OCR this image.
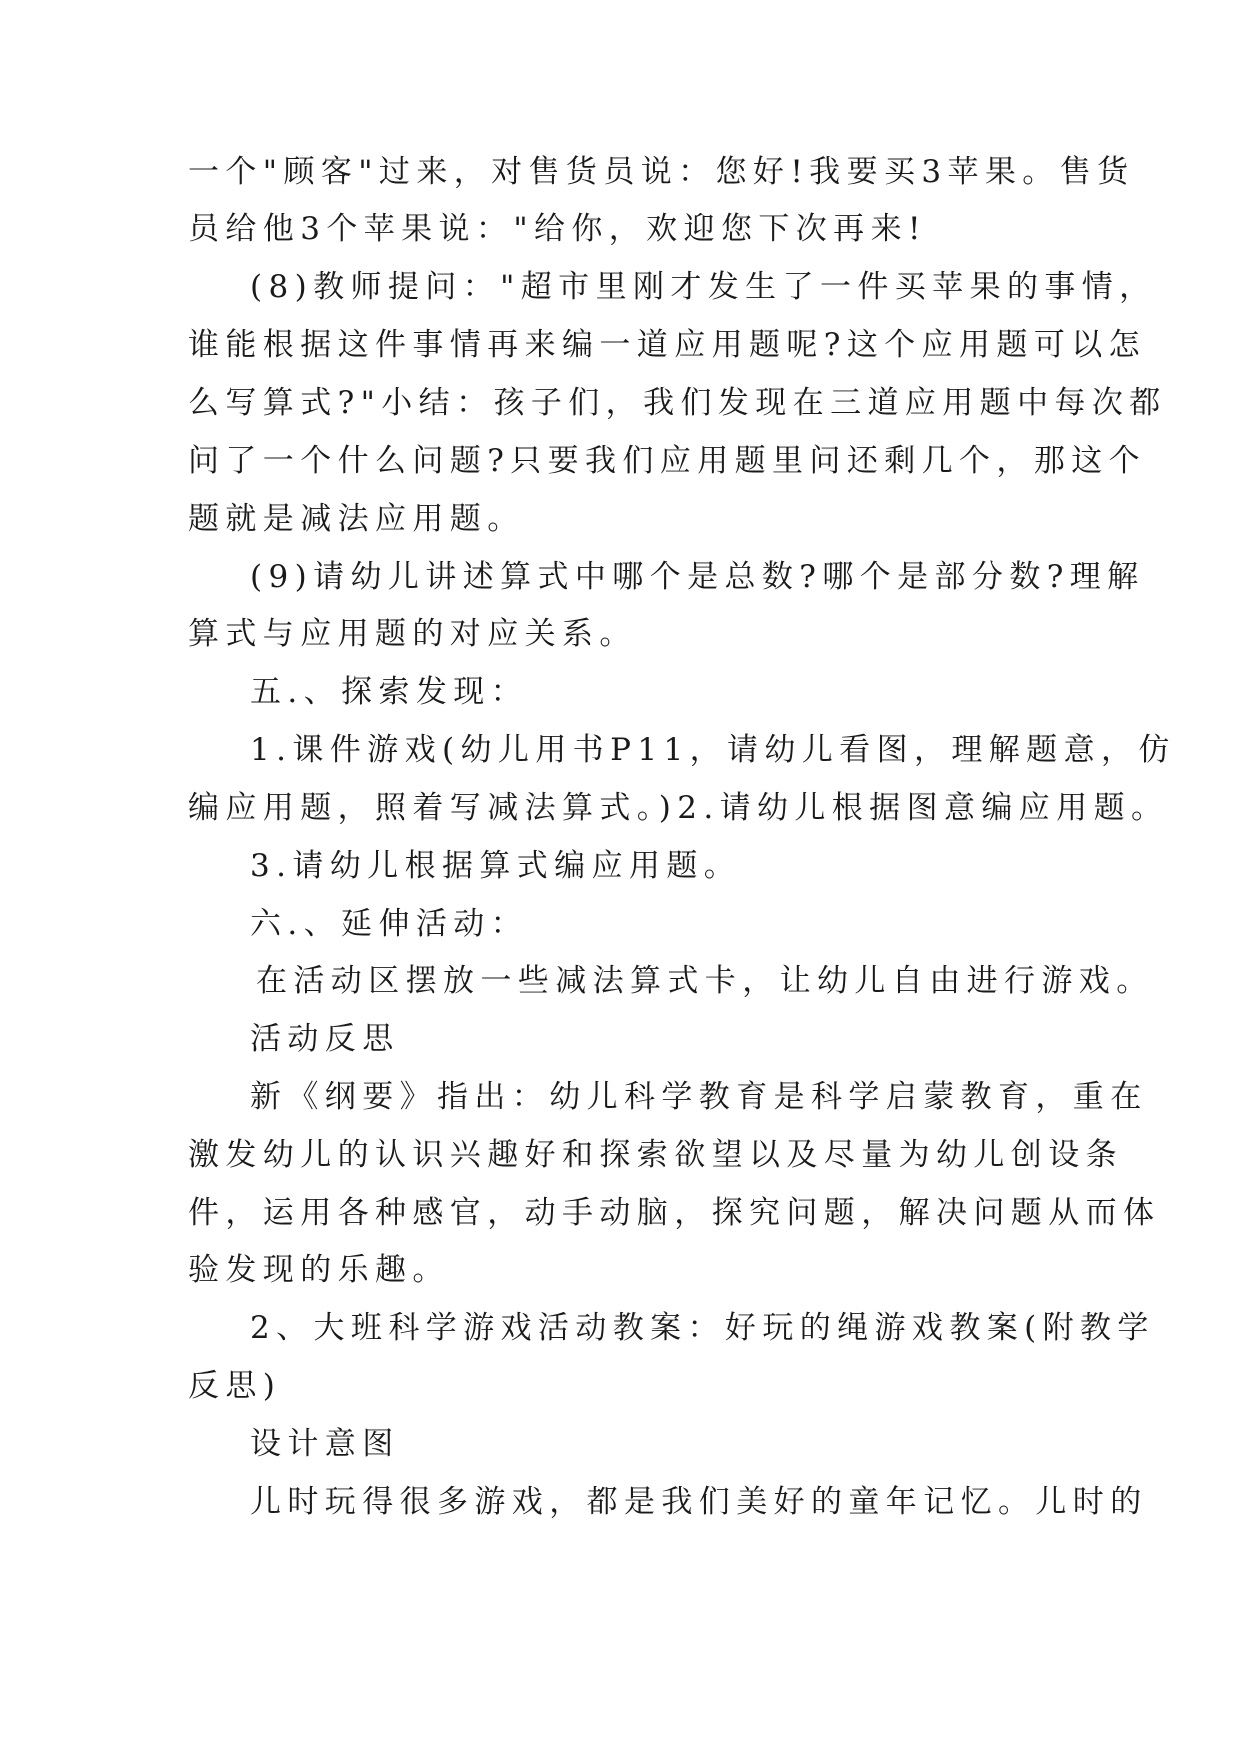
一个"顾客"过来，对售货员说：您好!我要买3苹果。售货
员给他3个苹果说："给你，欢迎您下次再来!
(8)教师提问："超市里刚才发生了一件买苹果的事情，
谁能根据这件事情再来编一道应用题呢?这个应用题可以怎
么写算式?"小结：孩子们，我们发现在三道应用题中每次都
问了一个什么问题?只要我们应用题里问还剩几个，那这个
题就是减法应用题。
(9)请幼儿讲述算式中哪个是总数?哪个是部分数?理解
算式与应用题的对应关系。
五.、探索发现：
1.课件游戏(幼儿用书P11，请幼儿看图，理解题意，仿
编应用题，照着写减法算式。)2.请幼儿根据图意编应用题。
3.请幼儿根据算式编应用题。
六.、延伸活动：
在活动区摆放一些减法算式卡，让幼儿自由进行游戏。
活动反思
新《纲要》指出：幼儿科学教育是科学启蒙教育，重在
激发幼儿的认识兴趣好和探索欲望以及尽量为幼儿创设条
件，运用各种感官，动手动脑，探究问题，解决问题从而体
验发现的乐趣。
2、大班科学游戏活动教案：好玩的绳游戏教案(附教学
反思)
设计意图
儿时玩得很多游戏，都是我们美好的童年记忆。儿时的
